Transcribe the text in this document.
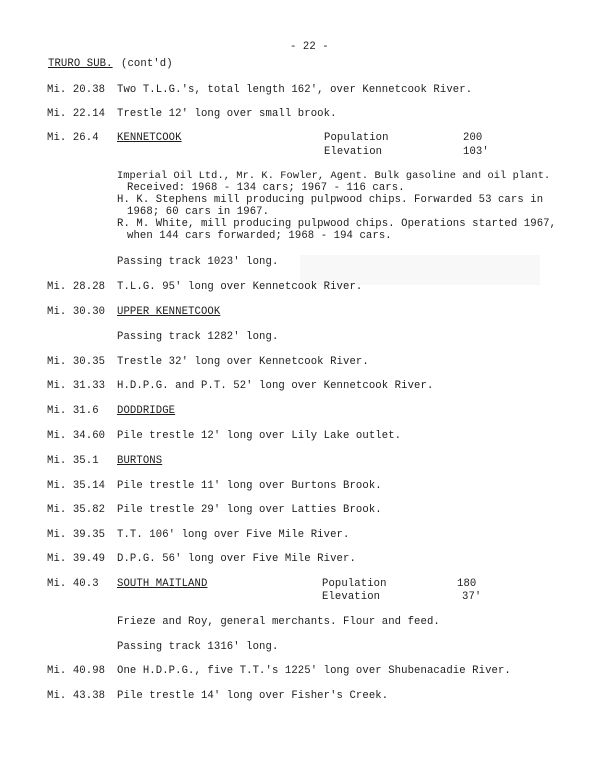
- 22 -
TRURO SUB. (cont'd)
Mi. 20.38 Two T.L.G.'s, total length 162', over Kennetcook River.
Mi. 22.14 Trestle 12' long over small brook.
Mi. 26.4 KENNETCOOK	Population	200
Elevation	103'
Imperial Oil Ltd., Mr. K. Fowler, Agent. Bulk gasoline and oil plant.
Received: 1968 - 134 cars; 1967 - 116 cars.
H. K. Stephens mill producing pulpwood chips. Forwarded 53 cars in
1968; 60 cars in 1967.
R. M. White, mill producing pulpwood chips. Operations started 1967,
when 144 cars forwarded; 1968 - 194 cars.
Passing track 1023' long.
Mi. 28.28 T.L.G. 95' long over Kennetcook River.
Mi. 30.30 UPPER KENNETCOOK
Passing track 1282' long.
Mi. 30.35 Trestle 32' long over Kennetcook River.
Mi. 31.33 H.D.P.G. and P.T. 52' long over Kennetcook River.
Mi. 31.6 DODDRIDGE
Mi. 34.60 Pile trestle 12' long over Lily Lake outlet.
Mi. 35.1 BURTONS
Mi. 35.14 Pile trestle 11' long over Burtons Brook.
Mi. 35.82 Pile trestle 29' long over Latties Brook.
Mi. 39.35 T.T. 106' long over Five Mile River.
Mi. 39.49 D.P.G. 56' long over Five Mile River.
Mi. 40.3 SOUTH MAITLAND	Population	180
Elevation	37'
Frieze and Roy, general merchants. Flour and feed.
Passing track 1316' long.
Mi. 40.98 One H.D.P.G., five T.T.'s 1225' long over Shubenacadie River.
Mi. 43.38 Pile trestle 14' long over Fisher's Creek.
